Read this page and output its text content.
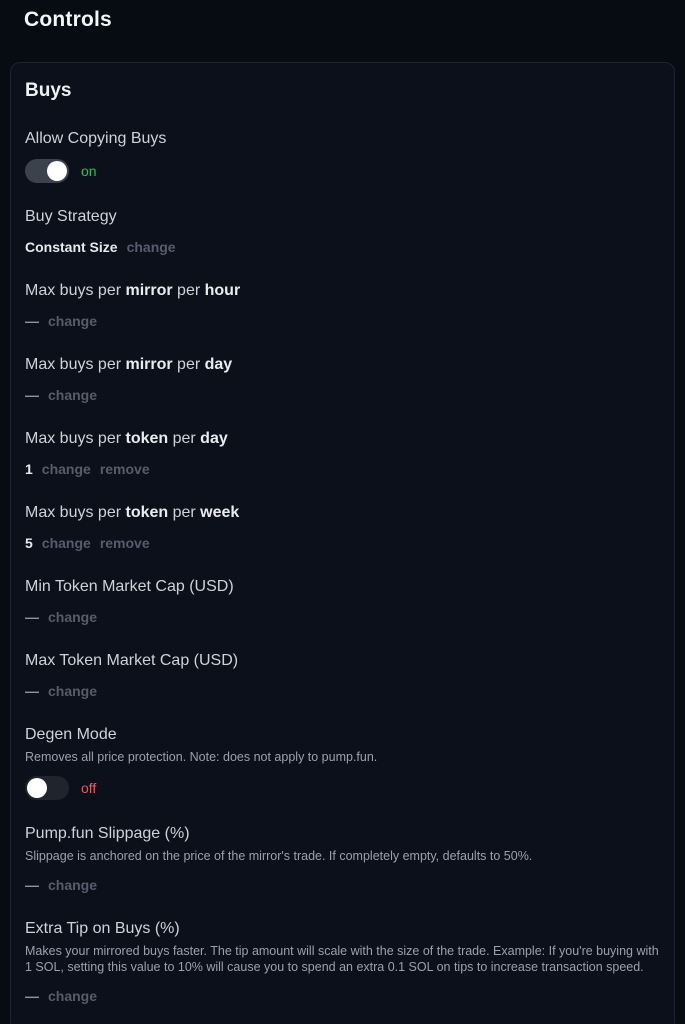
Controls
Buys
Allow Copying Buys
on
Buy Strategy
Constant Size change
Max buys per mirror per hour
— change
Max buys per mirror per day
— change
Max buys per token per day
1 change remove
Max buys per token per week
5 change remove
Min Token Market Cap (USD)
— change
Max Token Market Cap (USD)
— change
Degen Mode
Removes all price protection. Note: does not apply to pump.fun.
off
Pump.fun Slippage (%)
Slippage is anchored on the price of the mirror's trade. If completely empty, defaults to 50%.
— change
Extra Tip on Buys (%)
Makes your mirrored buys faster. The tip amount will scale with the size of the trade. Example: If you're buying with 1 SOL, setting this value to 10% will cause you to spend an extra 0.1 SOL on tips to increase transaction speed.
— change
